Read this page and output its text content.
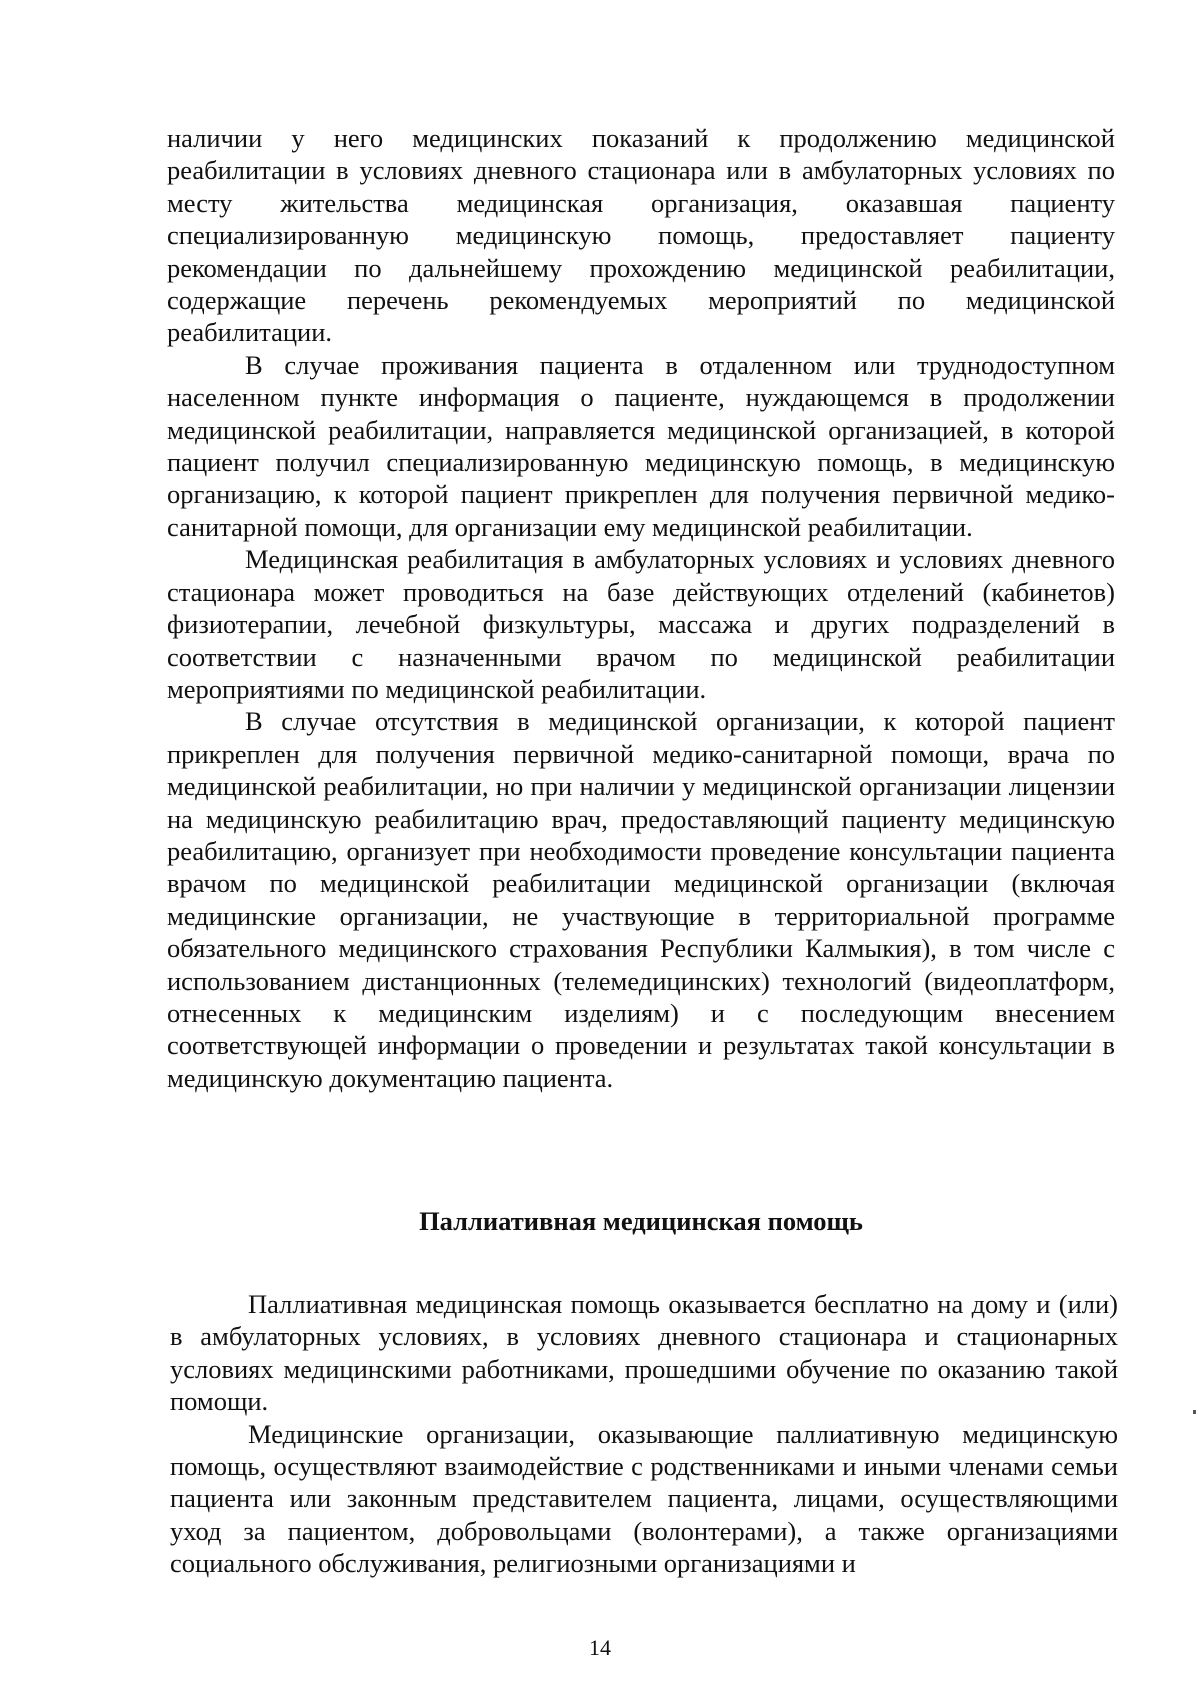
наличии у него медицинских показаний к продолжению медицинской реабилитации в условиях дневного стационара или в амбулаторных условиях по месту жительства медицинская организация, оказавшая пациенту специализированную медицинскую помощь, предоставляет пациенту рекомендации по дальнейшему прохождению медицинской реабилитации, содержащие перечень рекомендуемых мероприятий по медицинской реабилитации.

В случае проживания пациента в отдаленном или труднодоступном населенном пункте информация о пациенте, нуждающемся в продолжении медицинской реабилитации, направляется медицинской организацией, в которой пациент получил специализированную медицинскую помощь, в медицинскую организацию, к которой пациент прикреплен для получения первичной медико-санитарной помощи, для организации ему медицинской реабилитации.

Медицинская реабилитация в амбулаторных условиях и условиях дневного стационара может проводиться на базе действующих отделений (кабинетов) физиотерапии, лечебной физкультуры, массажа и других подразделений в соответствии с назначенными врачом по медицинской реабилитации мероприятиями по медицинской реабилитации.

В случае отсутствия в медицинской организации, к которой пациент прикреплен для получения первичной медико-санитарной помощи, врача по медицинской реабилитации, но при наличии у медицинской организации лицензии на медицинскую реабилитацию врач, предоставляющий пациенту медицинскую реабилитацию, организует при необходимости проведение консультации пациента врачом по медицинской реабилитации медицинской организации (включая медицинские организации, не участвующие в территориальной программе обязательного медицинского страхования Республики Калмыкия), в том числе с использованием дистанционных (телемедицинских) технологий (видеоплатформ, отнесенных к медицинским изделиям) и с последующим внесением соответствующей информации о проведении и результатах такой консультации в медицинскую документацию пациента.

Паллиативная медицинская помощь

Паллиативная медицинская помощь оказывается бесплатно на дому и (или) в амбулаторных условиях, в условиях дневного стационара и стационарных условиях медицинскими работниками, прошедшими обучение по оказанию такой помощи.

Медицинские организации, оказывающие паллиативную медицинскую помощь, осуществляют взаимодействие с родственниками и иными членами семьи пациента или законным представителем пациента, лицами, осуществляющими уход за пациентом, добровольцами (волонтерами), а также организациями социального обслуживания, религиозными организациями и

14
